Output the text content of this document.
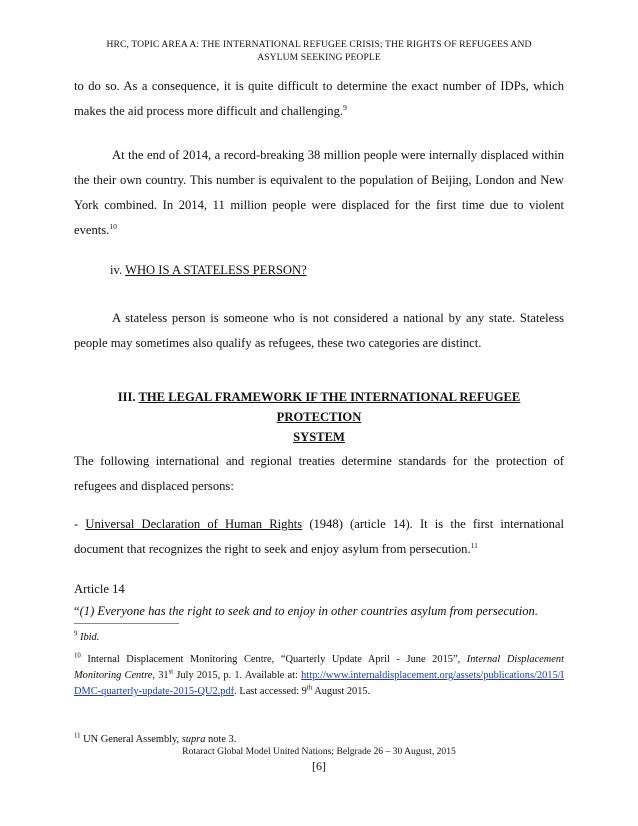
HRC, TOPIC AREA A: THE INTERNATIONAL REFUGEE CRISIS; THE RIGHTS OF REFUGEES AND
ASYLUM SEEKING PEOPLE

to do so. As a consequence, it is quite difficult to determine the exact number of IDPs, which makes the aid process more difficult and challenging.$^9$

At the end of 2014, a record-breaking 38 million people were internally displaced within the their own country. This number is equivalent to the population of Beijing, London and New York combined. In 2014, 11 million people were displaced for the first time due to violent events.$^{10}$

iv. WHO IS A STATELESS PERSON?

A stateless person is someone who is not considered a national by any state. Stateless people may sometimes also qualify as refugees, these two categories are distinct.

III. THE LEGAL FRAMEWORK IF THE INTERNATIONAL REFUGEE PROTECTION
SYSTEM

The following international and regional treaties determine standards for the protection of refugees and displaced persons:

- Universal Declaration of Human Rights (1948) (article 14). It is the first international document that recognizes the right to seek and enjoy asylum from persecution.$^{11}$

Article 14
“(1) Everyone has the right to seek and to enjoy in other countries asylum from persecution.

$^9$ Ibid.

$^{10}$ Internal Displacement Monitoring Centre, “Quarterly Update April - June 2015”, Internal Displacement Monitoring Centre, 31st July 2015, p. 1. Available at: http://www.internaldisplacement.org/assets/publications/2015/IDMC-quarterly-update-2015-QU2.pdf. Last accessed: 9th August 2015.

$^{11}$ UN General Assembly, supra note 3.

Rotaract Global Model United Nations; Belgrade 26 – 30 August, 2015
[6]
